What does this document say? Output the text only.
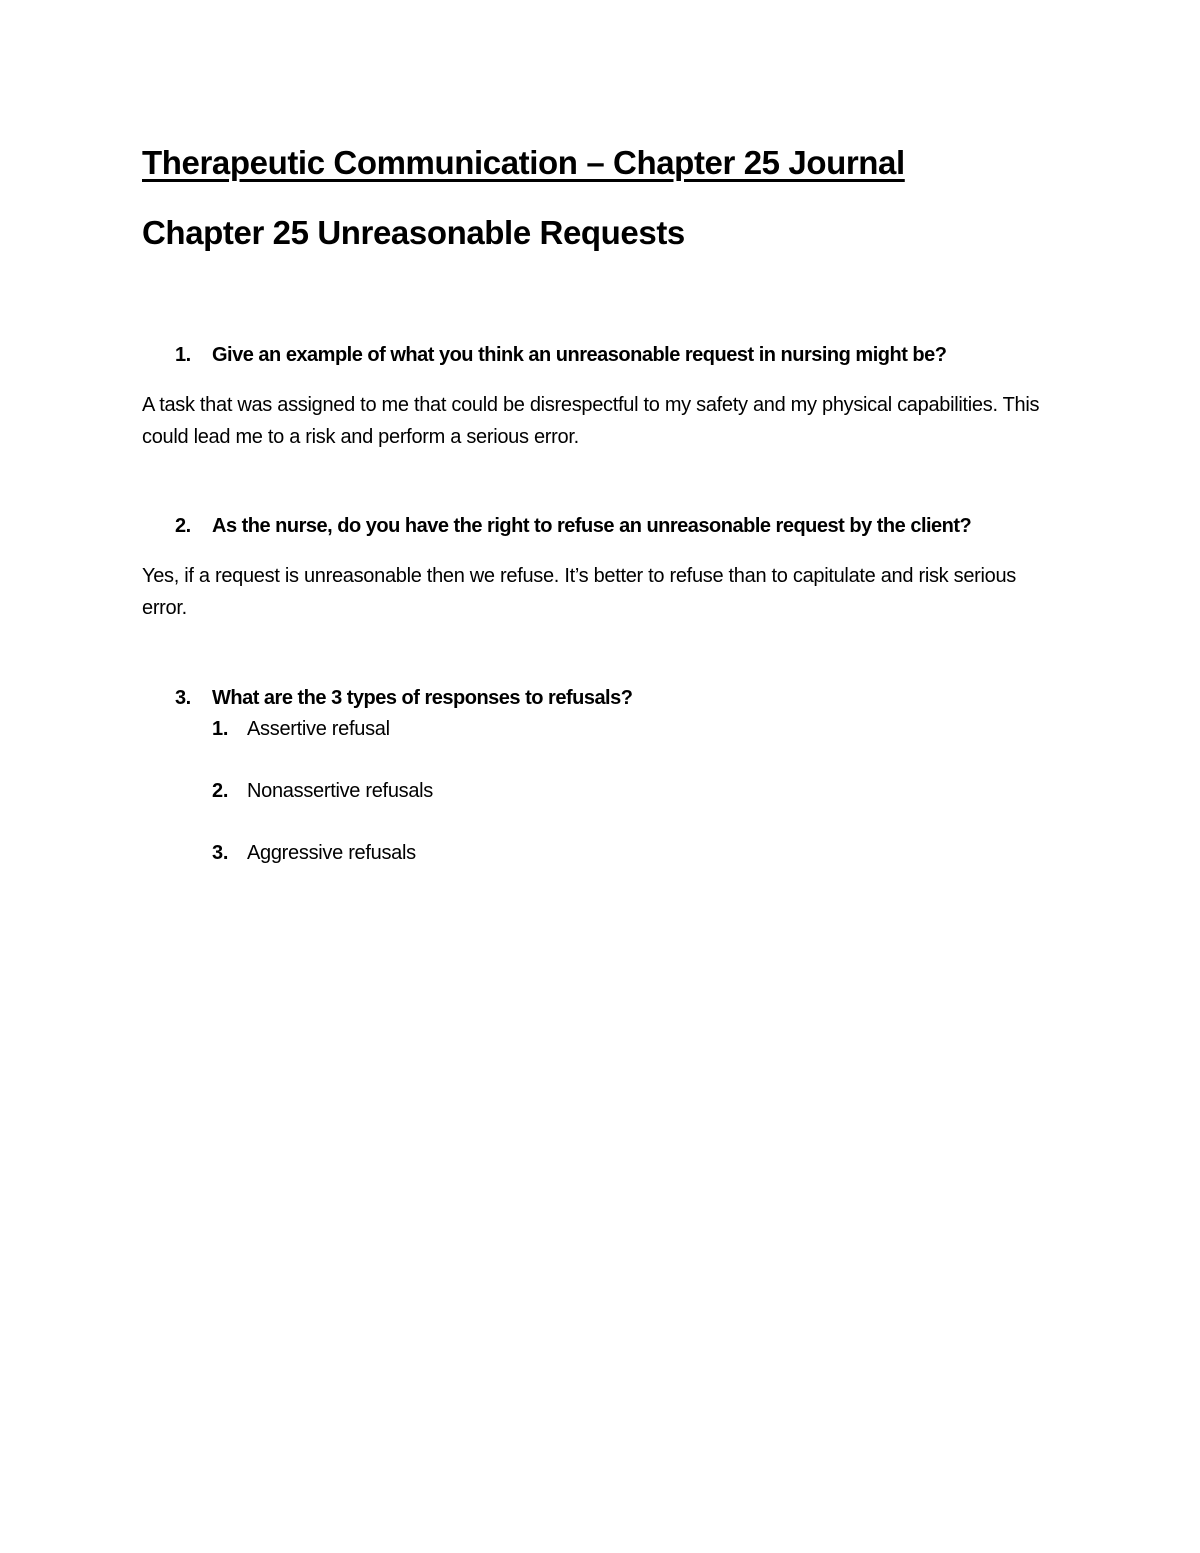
Therapeutic Communication – Chapter 25 Journal
Chapter 25 Unreasonable Requests
1. Give an example of what you think an unreasonable request in nursing might be?
A task that was assigned to me that could be disrespectful to my safety and my physical capabilities. This could lead me to a risk and perform a serious error.
2. As the nurse, do you have the right to refuse an unreasonable request by the client?
Yes, if a request is unreasonable then we refuse. It’s better to refuse than to capitulate and risk serious error.
3. What are the 3 types of responses to refusals?
1. Assertive refusal
2. Nonassertive refusals
3. Aggressive refusals
